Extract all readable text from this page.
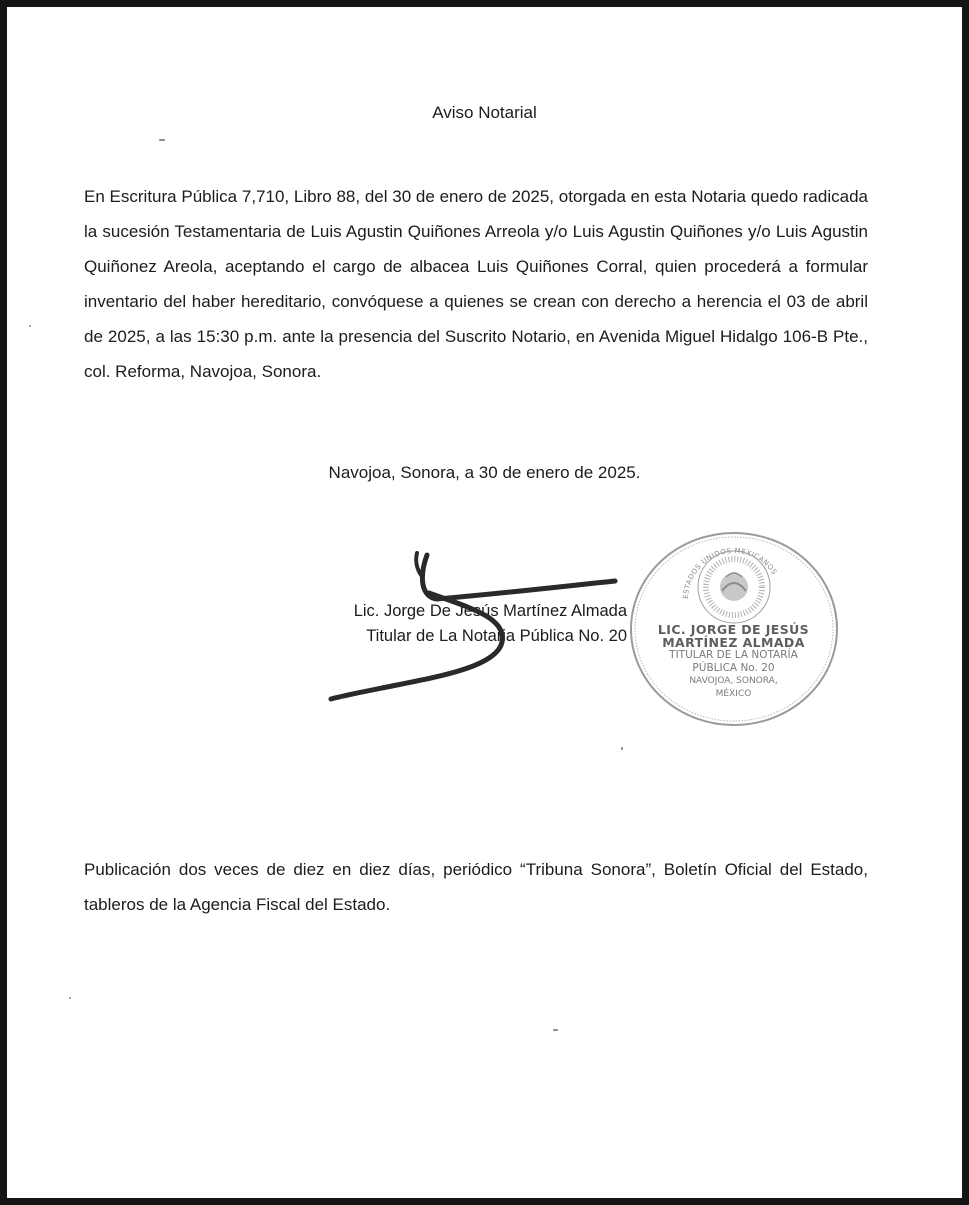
Aviso Notarial

En Escritura Pública 7,710, Libro 88, del 30 de enero de 2025, otorgada en esta Notaria quedo radicada la sucesión Testamentaria de Luis Agustin Quiñones Arreola y/o Luis Agustin Quiñones y/o Luis Agustin Quiñonez Areola, aceptando el cargo de albacea Luis Quiñones Corral, quien procederá a formular inventario del haber hereditario, convóquese a quienes se crean con derecho a herencia el 03 de abril de 2025, a las 15:30 p.m. ante la presencia del Suscrito Notario, en Avenida Miguel Hidalgo 106-B Pte., col. Reforma, Navojoa, Sonora.

Navojoa, Sonora, a 30 de enero de 2025.
ESTADOS UNIDOS MEXICANOS
LIC. JORGE DE JESÚS
MARTÍNEZ ALMADA
TITULAR DE LA NOTARÍA
PÚBLICA No. 20
NAVOJOA, SONORA,
MÉXICO
Lic. Jorge De Jesús Martínez Almada
Titular de La Notaria Pública No. 20

Publicación dos veces de diez en diez días, periódico “Tribuna Sonora”, Boletín Oficial del Estado, tableros de la Agencia Fiscal del Estado.
